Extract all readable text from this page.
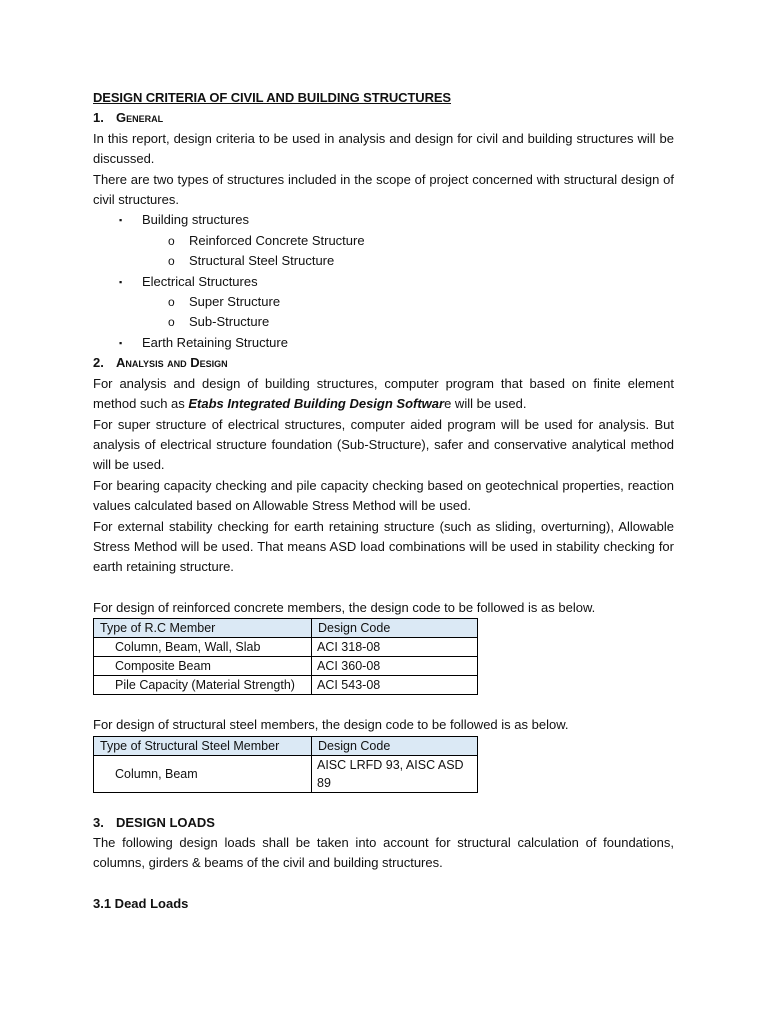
DESIGN CRITERIA OF CIVIL AND BUILDING STRUCTURES
1. General

In this report, design criteria to be used in analysis and design for civil and building structures will be discussed.

There are two types of structures included in the scope of project concerned with structural design of civil structures.

▪ Building structures
o Reinforced Concrete Structure
o Structural Steel Structure
▪ Electrical Structures
o Super Structure
o Sub-Structure
▪ Earth Retaining Structure
2. Analysis and Design

For analysis and design of building structures, computer program that based on finite element method such as Etabs Integrated Building Design Software will be used.

For super structure of electrical structures, computer aided program will be used for analysis. But analysis of electrical structure foundation (Sub-Structure), safer and conservative analytical method will be used.

For bearing capacity checking and pile capacity checking based on geotechnical properties, reaction values calculated based on Allowable Stress Method will be used.

For external stability checking for earth retaining structure (such as sliding, overturning), Allowable Stress Method will be used. That means ASD load combinations will be used in stability checking for earth retaining structure.

For design of reinforced concrete members, the design code to be followed is as below.

Type of R.C Member	Design Code
Column, Beam, Wall, Slab	ACI 318-08
Composite Beam	ACI 360-08
Pile Capacity (Material Strength)	ACI 543-08

For design of structural steel members, the design code to be followed is as below.

Type of Structural Steel Member	Design Code
Column, Beam	AISC LRFD 93, AISC ASD 89
3. DESIGN LOADS

The following design loads shall be taken into account for structural calculation of foundations, columns, girders & beams of the civil and building structures.

3.1 Dead Loads
